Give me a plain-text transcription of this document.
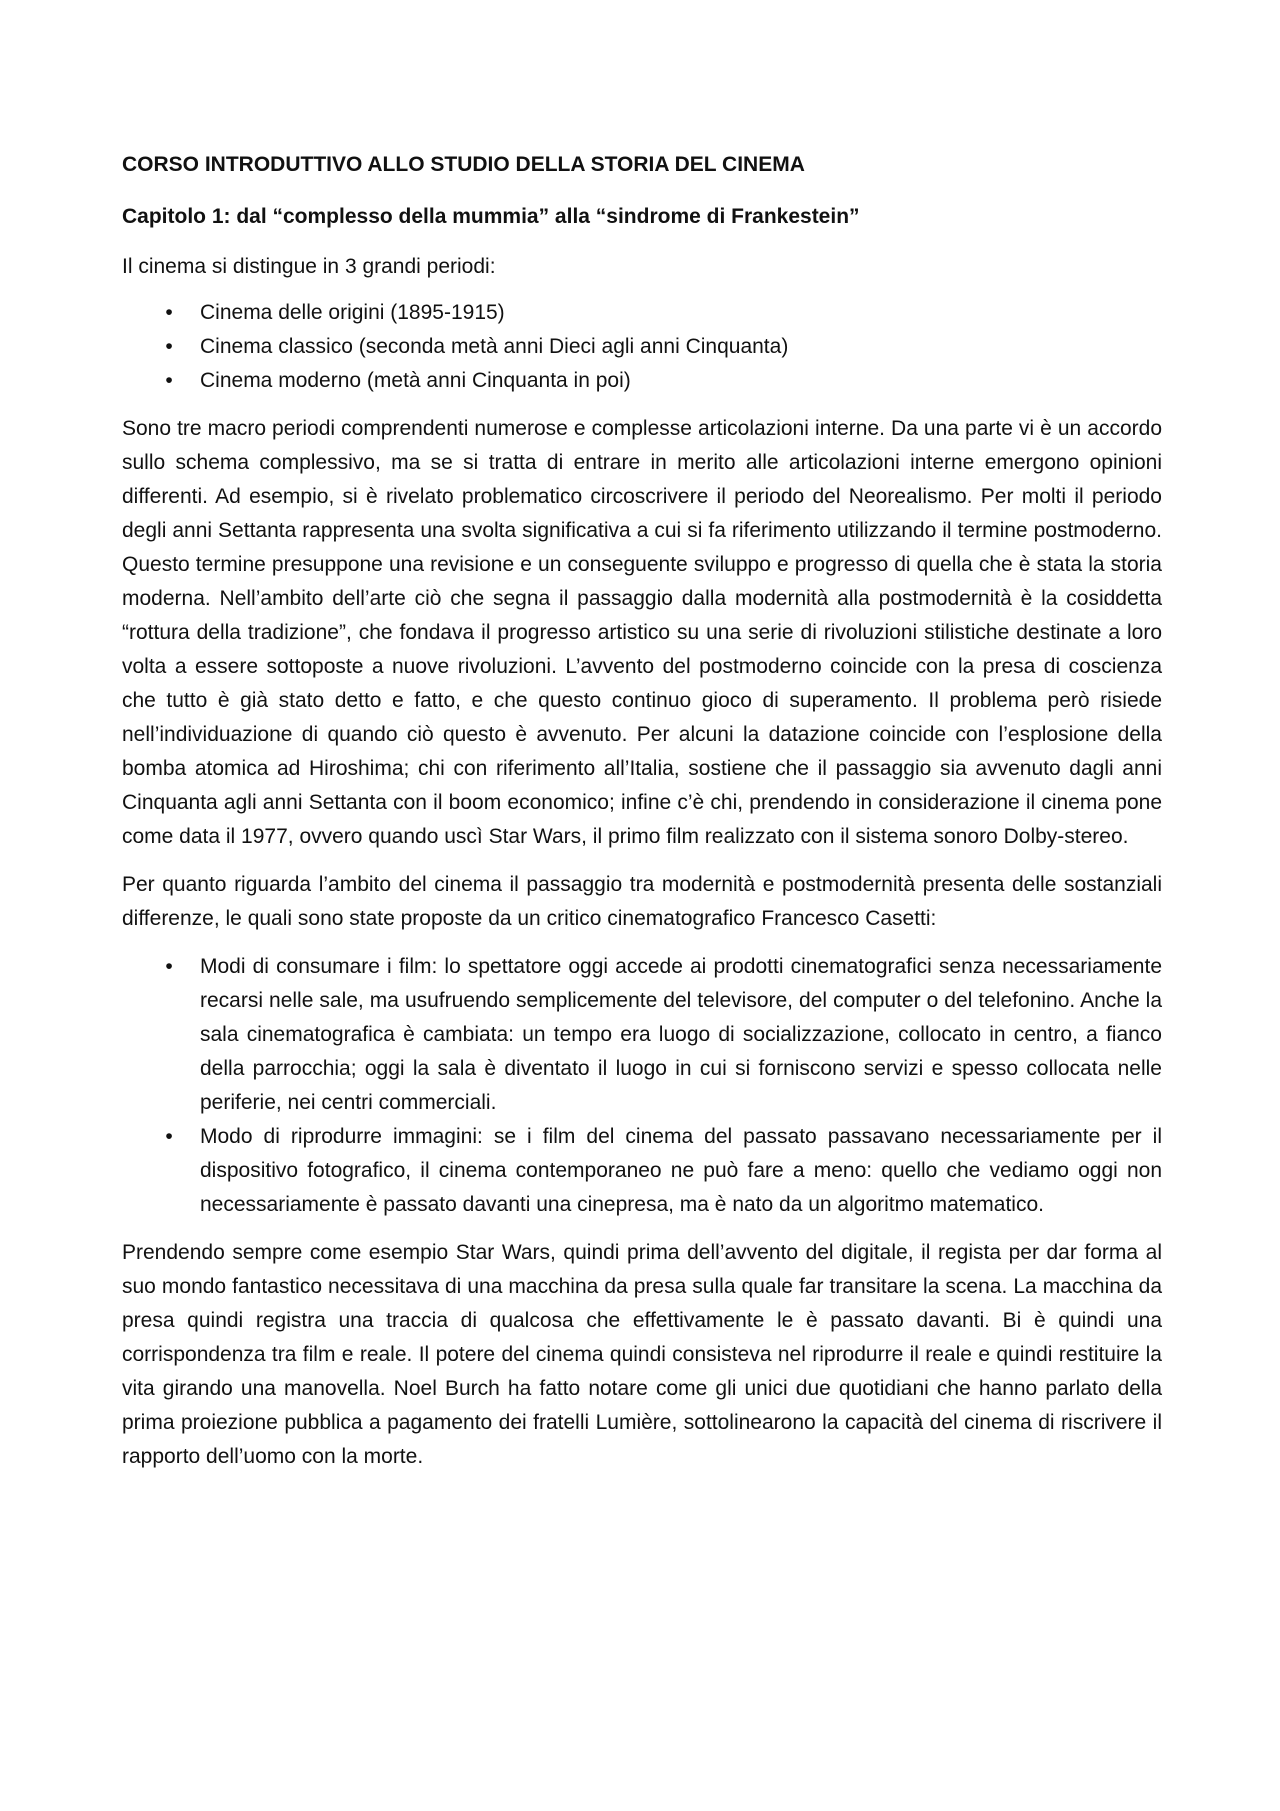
CORSO INTRODUTTIVO ALLO STUDIO DELLA STORIA DEL CINEMA
Capitolo 1: dal “complesso della mummia” alla “sindrome di Frankestein”
Il cinema si distingue in 3 grandi periodi:
• Cinema delle origini (1895-1915)
• Cinema classico (seconda metà anni Dieci agli anni Cinquanta)
• Cinema moderno (metà anni Cinquanta in poi)

Sono tre macro periodi comprendenti numerose e complesse articolazioni interne. Da una parte vi è un accordo sullo schema complessivo, ma se si tratta di entrare in merito alle articolazioni interne emergono opinioni differenti. Ad esempio, si è rivelato problematico circoscrivere il periodo del Neorealismo. Per molti il periodo degli anni Settanta rappresenta una svolta significativa a cui si fa riferimento utilizzando il termine postmoderno. Questo termine presuppone una revisione e un conseguente sviluppo e progresso di quella che è stata la storia moderna. Nell’ambito dell’arte ciò che segna il passaggio dalla modernità alla postmodernità è la cosiddetta “rottura della tradizione”, che fondava il progresso artistico su una serie di rivoluzioni stilistiche destinate a loro volta a essere sottoposte a nuove rivoluzioni. L’avvento del postmoderno coincide con la presa di coscienza che tutto è già stato detto e fatto, e che questo continuo gioco di superamento. Il problema però risiede nell’individuazione di quando ciò questo è avvenuto. Per alcuni la datazione coincide con l’esplosione della bomba atomica ad Hiroshima; chi con riferimento all’Italia, sostiene che il passaggio sia avvenuto dagli anni Cinquanta agli anni Settanta con il boom economico; infine c’è chi, prendendo in considerazione il cinema pone come data il 1977, ovvero quando uscì Star Wars, il primo film realizzato con il sistema sonoro Dolby-stereo.

Per quanto riguarda l’ambito del cinema il passaggio tra modernità e postmodernità presenta delle sostanziali differenze, le quali sono state proposte da un critico cinematografico Francesco Casetti:

• Modi di consumare i film: lo spettatore oggi accede ai prodotti cinematografici senza necessariamente recarsi nelle sale, ma usufruendo semplicemente del televisore, del computer o del telefonino. Anche la sala cinematografica è cambiata: un tempo era luogo di socializzazione, collocato in centro, a fianco della parrocchia; oggi la sala è diventato il luogo in cui si forniscono servizi e spesso collocata nelle periferie, nei centri commerciali.
• Modo di riprodurre immagini: se i film del cinema del passato passavano necessariamente per il dispositivo fotografico, il cinema contemporaneo ne può fare a meno: quello che vediamo oggi non necessariamente è passato davanti una cinepresa, ma è nato da un algoritmo matematico.

Prendendo sempre come esempio Star Wars, quindi prima dell’avvento del digitale, il regista per dar forma al suo mondo fantastico necessitava di una macchina da presa sulla quale far transitare la scena. La macchina da presa quindi registra una traccia di qualcosa che effettivamente le è passato davanti. Bi è quindi una corrispondenza tra film e reale. Il potere del cinema quindi consisteva nel riprodurre il reale e quindi restituire la vita girando una manovella. Noel Burch ha fatto notare come gli unici due quotidiani che hanno parlato della prima proiezione pubblica a pagamento dei fratelli Lumière, sottolinearono la capacità del cinema di riscrivere il rapporto dell’uomo con la morte.
